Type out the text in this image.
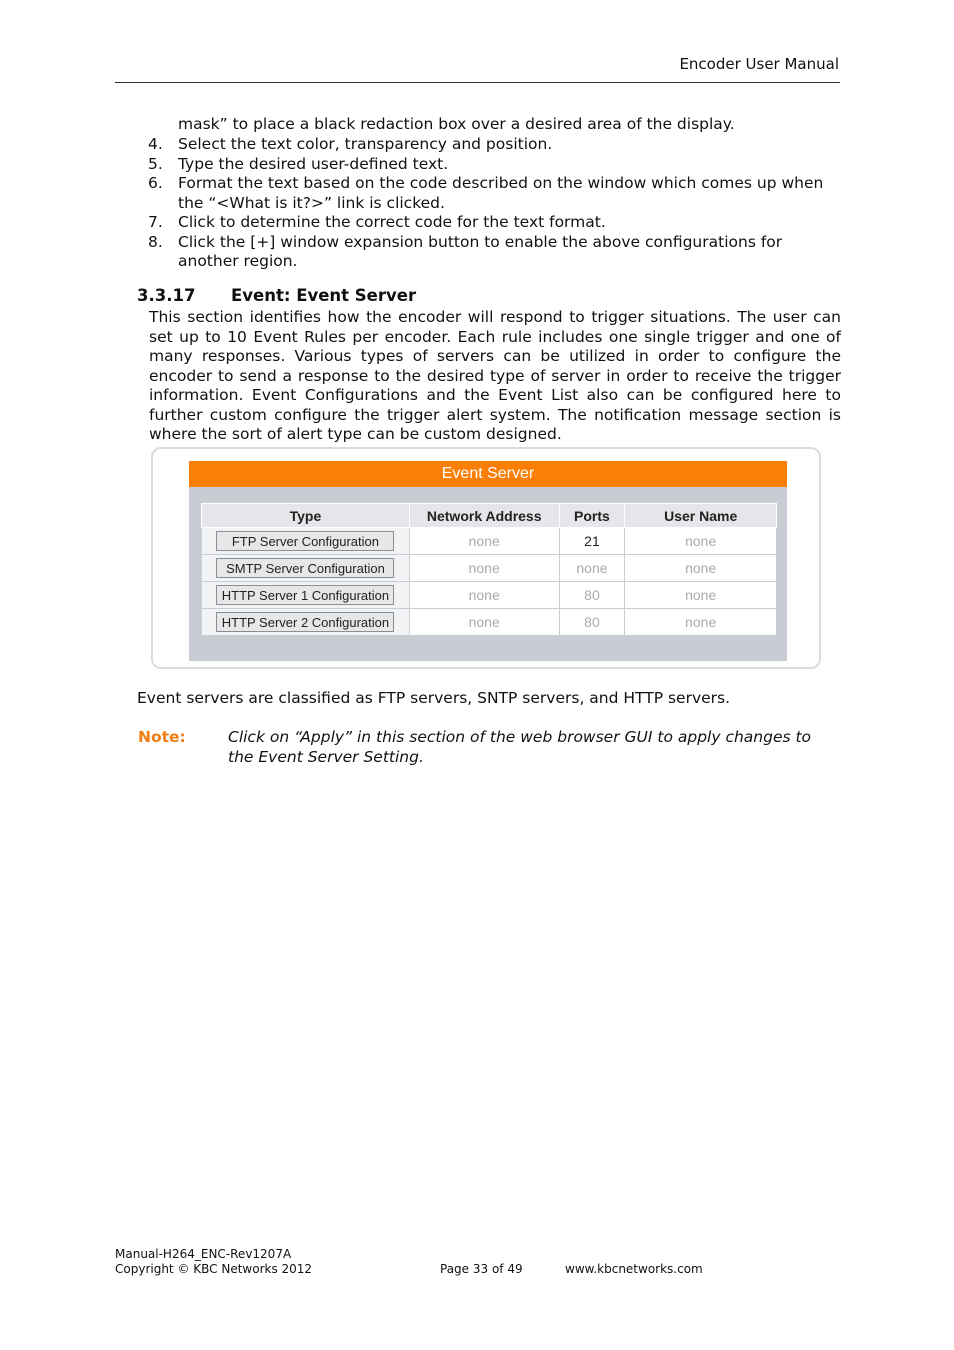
Encoder User Manual
mask” to place a black redaction box over a desired area of the display.
4. Select the text color, transparency and position.
5. Type the desired user-defined text.
6. Format the text based on the code described on the window which comes up when the “<What is it?>” link is clicked.
7. Click to determine the correct code for the text format.
8. Click the [+] window expansion button to enable the above configurations for another region.
3.3.17	Event: Event Server
This section identifies how the encoder will respond to trigger situations. The user can set up to 10 Event Rules per encoder. Each rule includes one single trigger and one of many responses. Various types of servers can be utilized in order to configure the encoder to send a response to the desired type of server in order to receive the trigger information. Event Configurations and the Event List also can be configured here to further custom configure the trigger alert system. The notification message section is where the sort of alert type can be custom designed.
Event Server
Type	Network Address	Ports	User Name
FTP Server Configuration	none	21	none
SMTP Server Configuration	none	none	none
HTTP Server 1 Configuration	none	80	none
HTTP Server 2 Configuration	none	80	none
Event servers are classified as FTP servers, SNTP servers, and HTTP servers.
Note:	Click on “Apply” in this section of the web browser GUI to apply changes to the Event Server Setting.
Manual-H264_ENC-Rev1207A
Copyright © KBC Networks 2012	Page 33 of 49	www.kbcnetworks.com
